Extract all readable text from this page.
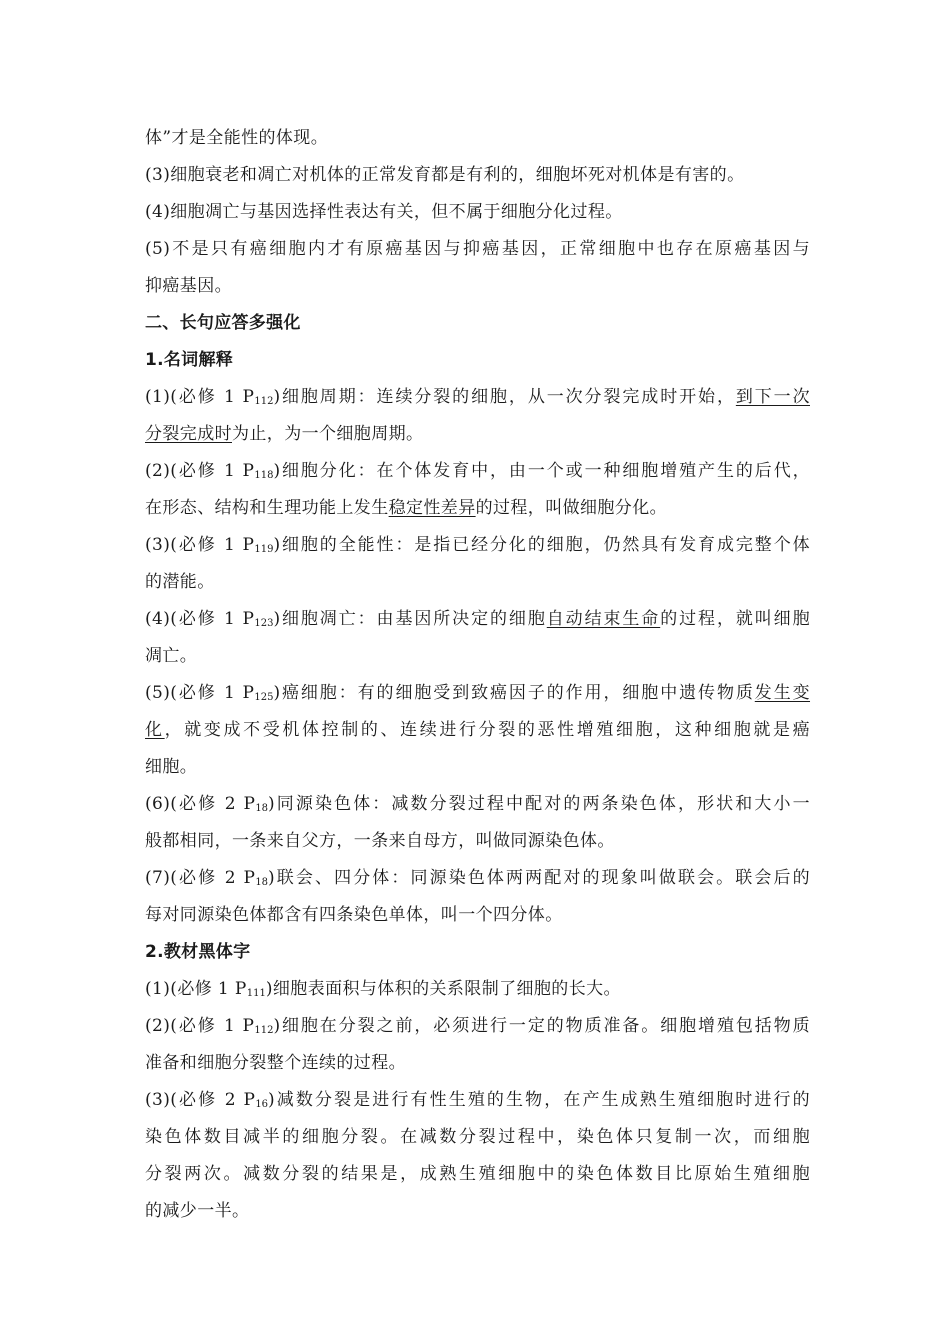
体”才是全能性的体现。
(3)细胞衰老和凋亡对机体的正常发育都是有利的，细胞坏死对机体是有害的。
(4)细胞凋亡与基因选择性表达有关，但不属于细胞分化过程。
(5)不是只有癌细胞内才有原癌基因与抑癌基因，正常细胞中也存在原癌基因与
抑癌基因。
二、长句应答多强化
1.名词解释
(1)(必修 1 $P_{112}$)细胞周期：连续分裂的细胞，从一次分裂完成时开始，到下一次
分裂完成时为止，为一个细胞周期。
(2)(必修 1 $P_{118}$)细胞分化：在个体发育中，由一个或一种细胞增殖产生的后代，
在形态、结构和生理功能上发生稳定性差异的过程，叫做细胞分化。
(3)(必修 1 $P_{119}$)细胞的全能性：是指已经分化的细胞，仍然具有发育成完整个体
的潜能。
(4)(必修 1 $P_{123}$)细胞凋亡：由基因所决定的细胞自动结束生命的过程，就叫细胞
凋亡。
(5)(必修 1 $P_{125}$)癌细胞：有的细胞受到致癌因子的作用，细胞中遗传物质发生变
化，就变成不受机体控制的、连续进行分裂的恶性增殖细胞，这种细胞就是癌
细胞。
(6)(必修 2 $P_{18}$)同源染色体：减数分裂过程中配对的两条染色体，形状和大小一
般都相同，一条来自父方，一条来自母方，叫做同源染色体。
(7)(必修 2 $P_{18}$)联会、四分体：同源染色体两两配对的现象叫做联会。联会后的
每对同源染色体都含有四条染色单体，叫一个四分体。
2.教材黑体字
(1)(必修 1 $P_{111}$)细胞表面积与体积的关系限制了细胞的长大。
(2)(必修 1 $P_{112}$)细胞在分裂之前，必须进行一定的物质准备。细胞增殖包括物质
准备和细胞分裂整个连续的过程。
(3)(必修 2 $P_{16}$)减数分裂是进行有性生殖的生物，在产生成熟生殖细胞时进行的
染色体数目减半的细胞分裂。在减数分裂过程中，染色体只复制一次，而细胞
分裂两次。减数分裂的结果是，成熟生殖细胞中的染色体数目比原始生殖细胞
的减少一半。
